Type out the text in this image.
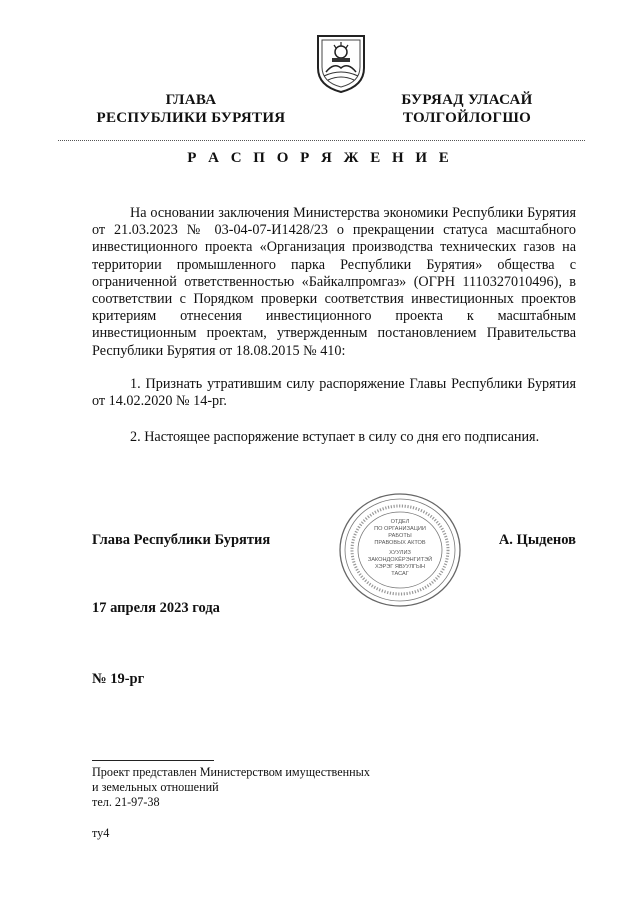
ГЛАВА
РЕСПУБЛИКИ БУРЯТИЯ
БУРЯАД УЛАСАЙ
ТОЛГОЙЛОГШО
Р А С П О Р Я Ж Е Н И Е

На основании заключения Министерства экономики Республики Бурятия от 21.03.2023 № 03-04-07-И1428/23 о прекращении статуса масштабного инвестиционного проекта «Организация производства технических газов на территории промышленного парка Республики Бурятия» общества с ограниченной ответственностью «Байкалпромгаз» (ОГРН 1110327010496), в соответствии с Порядком проверки соответствия инвестиционных проектов критериям отнесения инвестиционного проекта к масштабным инвестиционным проектам, утвержденным постановлением Правительства Республики Бурятия от 18.08.2015 № 410:

1. Признать утратившим силу распоряжение Главы Республики Бурятия от 14.02.2020 № 14-рг.

2. Настоящее распоряжение вступает в силу со дня его подписания.

Глава Республики Бурятия
ОТДЕЛ
ПО ОРГАНИЗАЦИИ
РАБОТЫ
ПРАВОВЫХ АКТОВ
ХУУЛИЗ
ЗАКОНДОХЁРЭНГИТЭЙ
ХЭРЭГ ЯВУУЛГЫН
ТАСАГ
А. Цыденов
17 апреля 2023 года
№ 19-рг
Проект представлен Министерством имущественных
и земельных отношений
тел. 21-97-38
ту4
